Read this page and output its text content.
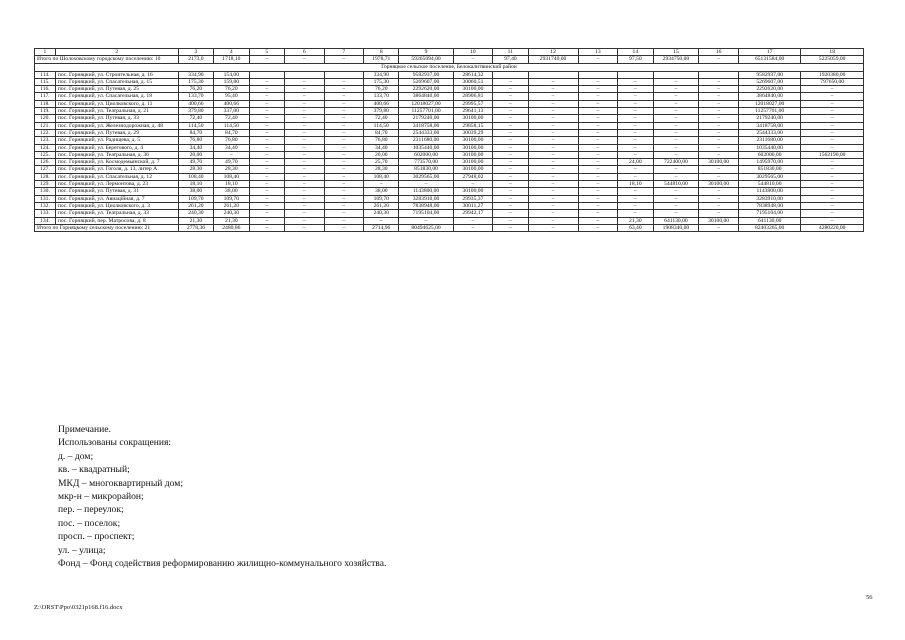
1	2	3	4	5	6	7	8	9	10	11	12	13	14	15	16	17	18
Итого по Шолоховскому городскому поселению: 10		2173,0	1718,10	–	–	–	1978,71	59265094,00	–	97,40	2931740,00	–	97,50	2934750,00	–	65131584,00	5225059,00
Горняцкое сельское поселение, Белокалитвинский район																	
114.	пос. Горняцкий, ул. Строительная, д. 16	334,90	154,00				334,90	9582937,00	28614,32							9582937,00	1920380,00
115.	пос. Горняцкий, ул. Спасательная, д. 15	175,30	159,80	–	–	–	175,30	5269607,00	30060,51	–	–	–	–	–	–	5269607,00	797650,00
116.	пос. Горняцкий, ул. Путевая, д. 25	76,20	76,20	–	–	–	76,20	2292620,00	30100,00	–	–	–	–	–	–	2292620,00	–
117.	пос. Горняцкий, ул. Спасательная, д. 18	133,70	95,40	–	–	–	133,70	3864840,00	28906,81	–	–	–	–	–	–	3864840,00	–
118.	пос. Горняцкий, ул. Циолковского, д. 11	400,66	400,66	–	–	–	400,66	12018027,00	29995,57	–	–	–	–	–	–	12018027,00	–
119.	пос. Горняцкий, ул. Театральная, д. 21	379,80	337,00	–	–	–	379,80	11257701,00	29641,13	–	–	–	–	–	–	11257701,00	–
120.	пос. Горняцкий, ул. Путевая, д. 33	72,40	72,40	–	–	–	72,40	2179240,00	30100,00	–	–	–	–	–	–	2179240,00	–
121.	пос. Горняцкий, ул. Железнодорожная, д. 48	114,50	114,50	–	–	–	114,50	3418758,00	29858,15	–	–	–	–	–	–	3418758,00	–
122.	пос. Горняцкий, ул. Путевая, д. 29	84,70	84,70	–	–	–	84,70	2544333,00	30039,29	–	–	–	–	–	–	2544333,00	–
123.	пос. Горняцкий, ул. Радищева, д. 5	76,80	76,80	–	–	–	76,80	2311680,00	30100,00	–	–	–	–	–	–	2311680,00	–
124.	пос. Горняцкий, ул. Берегового, д. 4	34,40	34,40	–	–	–	34,40	1035440,00	30100,00	–	–	–	–	–	–	1035440,00	–
125.	пос. Горняцкий, ул. Театральная, д. 36	20,00	–	–	–	–	20,00	602000,00	30100,00	–	–	–	–	–	–	602000,00	1562190,00
126.	пос. Горняцкий, ул. Космодемьянской, д. 7	49,70	49,70	–	–	–	25,70	773570,00	30100,00	–	–	–	24,00	722400,00	30100,00	1495970,00	–
127.	пос. Горняцкий, ул. Гоголя, д. 13, литер А	28,30	28,30	–	–	–	28,30	851830,00	30100,00	–	–	–	–	–	–	851830,00	–
128.	пос. Горняцкий, ул. Спасательная, д. 12	108,40	108,40	–	–	–	108,40	3029565,00	27948,02	–	–	–	–	–	–	3029565,00	–
129.	пос. Горняцкий, ул. Лермонтова, д. 23	18,10	18,10	–	–	–	–	–	–	–	–	–	18,10	544810,00	30100,00	544810,00	–
130.	пос. Горняцкий, ул. Путевая, д. 31	38,00	38,00	–	–	–	38,00	1143800,00	30100,00	–	–	–	–	–	–	1143800,00	–
131.	пос. Горняцкий, ул. Авиаційная, д. 7	109,70	109,70	–	–	–	109,70	3283910,00	29935,37	–	–	–	–	–	–	3283910,00	–
132.	пос. Горняцкий, ул. Циолковского, д. 3	261,20	261,20	–	–	–	261,20	7838948,00	30011,27	–	–	–	–	–	–	7838948,00	–
133.	пос. Горняцкий, ул. Театральная, д. 33	240,30	240,30	–	–	–	240,30	7195104,00	29942,17	–	–	–	–	–	–	7195104,00	–
134.	пос. Горняцкий, пер. Матросова, д. 8	21,30	21,30	–	–	–	–	–	–	–	–	–	21,30	641130,00	30100,00	641130,00	–
Итого по Горняцкому сельскому поселению: 21		2778,36	2480,86	–	–	–	2714,96	80494625,00	–	–	–	–	63,40	1908340,00	–	82403265,00	4280220,00
Примечание.
Использованы сокращения:
д. – дом;
кв. – квадратный;
МКД – многоквартирный дом;
мкр-н – микрорайон;
пер. – переулок;
пос. – поселок;
просп. – проспект;
ул. – улица;
Фонд – Фонд содействия реформированию жилищно-коммунального хозяйства.
Z:\ORST\Ppo\0321p168.f16.docx
56
